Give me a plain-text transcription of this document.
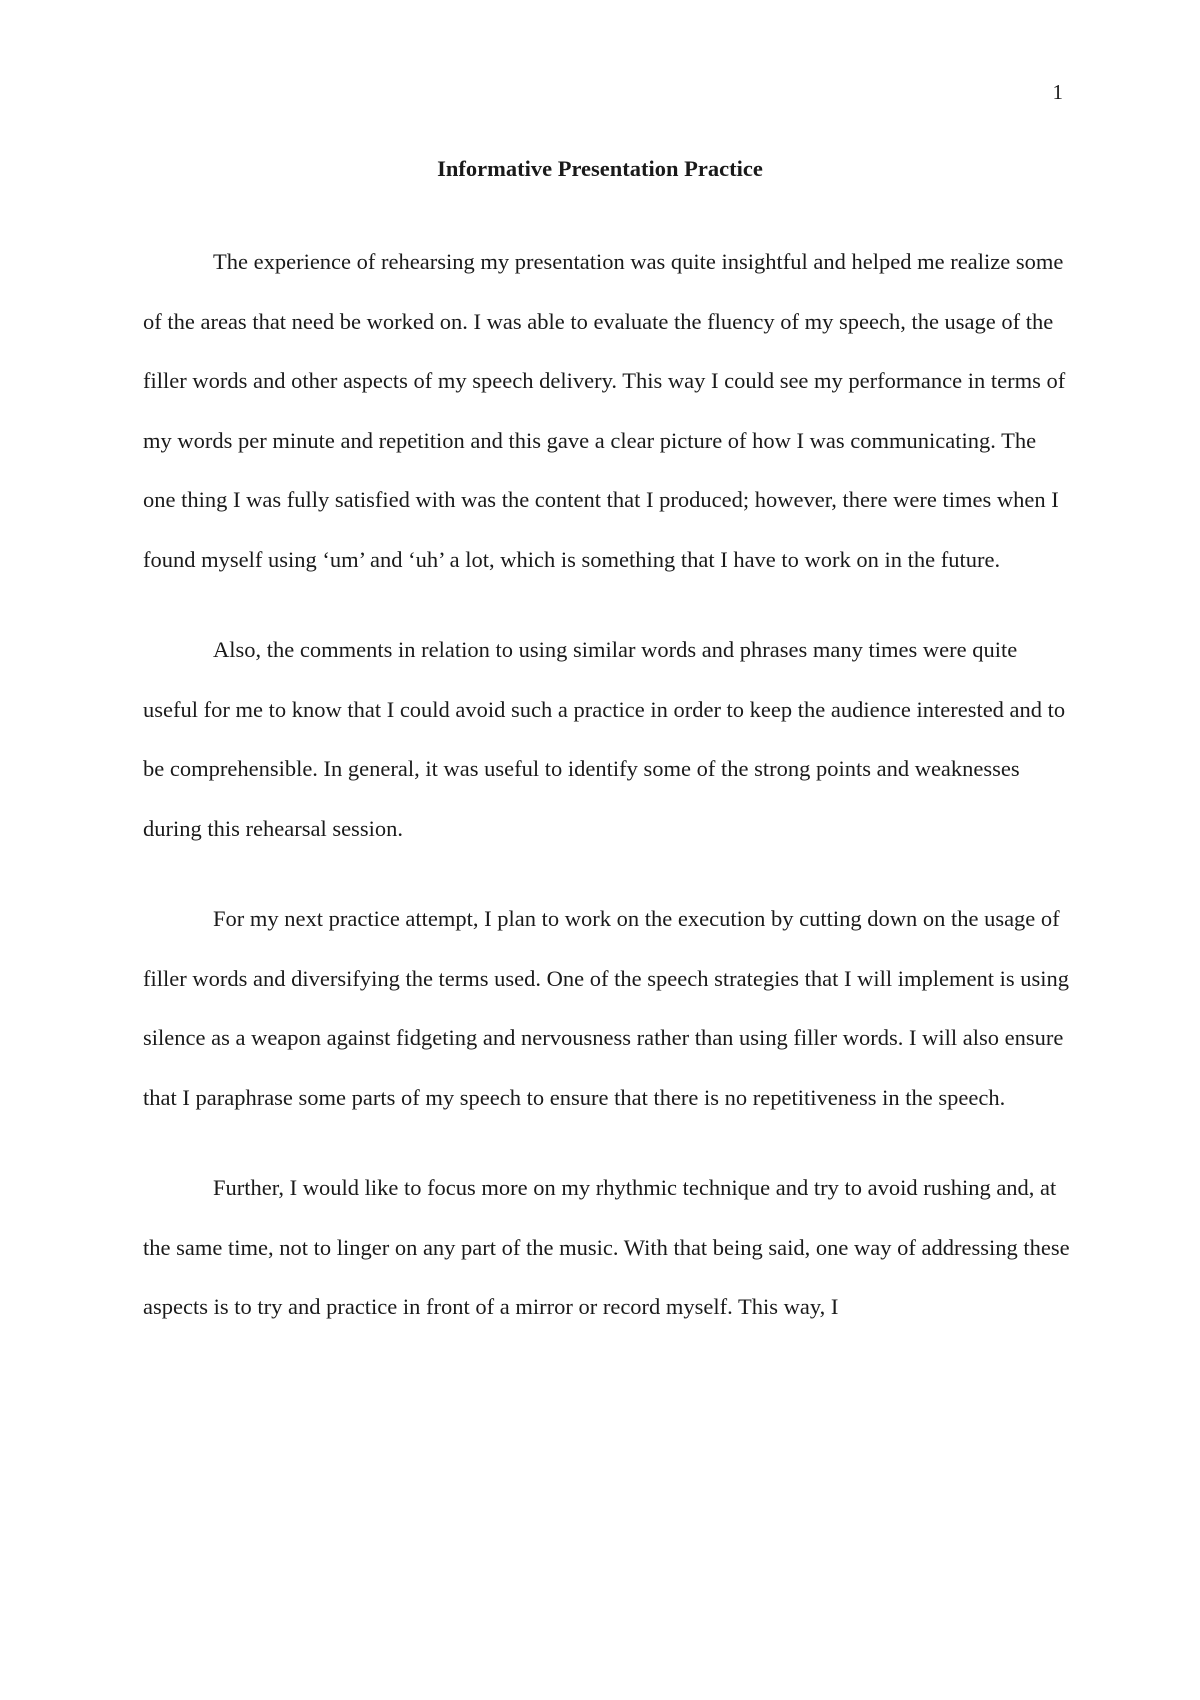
1
Informative Presentation Practice

The experience of rehearsing my presentation was quite insightful and helped me realize some of the areas that need be worked on. I was able to evaluate the fluency of my speech, the usage of the filler words and other aspects of my speech delivery. This way I could see my performance in terms of my words per minute and repetition and this gave a clear picture of how I was communicating. The one thing I was fully satisfied with was the content that I produced; however, there were times when I found myself using ‘um’ and ‘uh’ a lot, which is something that I have to work on in the future.

Also, the comments in relation to using similar words and phrases many times were quite useful for me to know that I could avoid such a practice in order to keep the audience interested and to be comprehensible. In general, it was useful to identify some of the strong points and weaknesses during this rehearsal session.

For my next practice attempt, I plan to work on the execution by cutting down on the usage of filler words and diversifying the terms used. One of the speech strategies that I will implement is using silence as a weapon against fidgeting and nervousness rather than using filler words. I will also ensure that I paraphrase some parts of my speech to ensure that there is no repetitiveness in the speech.

Further, I would like to focus more on my rhythmic technique and try to avoid rushing and, at the same time, not to linger on any part of the music. With that being said, one way of addressing these aspects is to try and practice in front of a mirror or record myself. This way, I
